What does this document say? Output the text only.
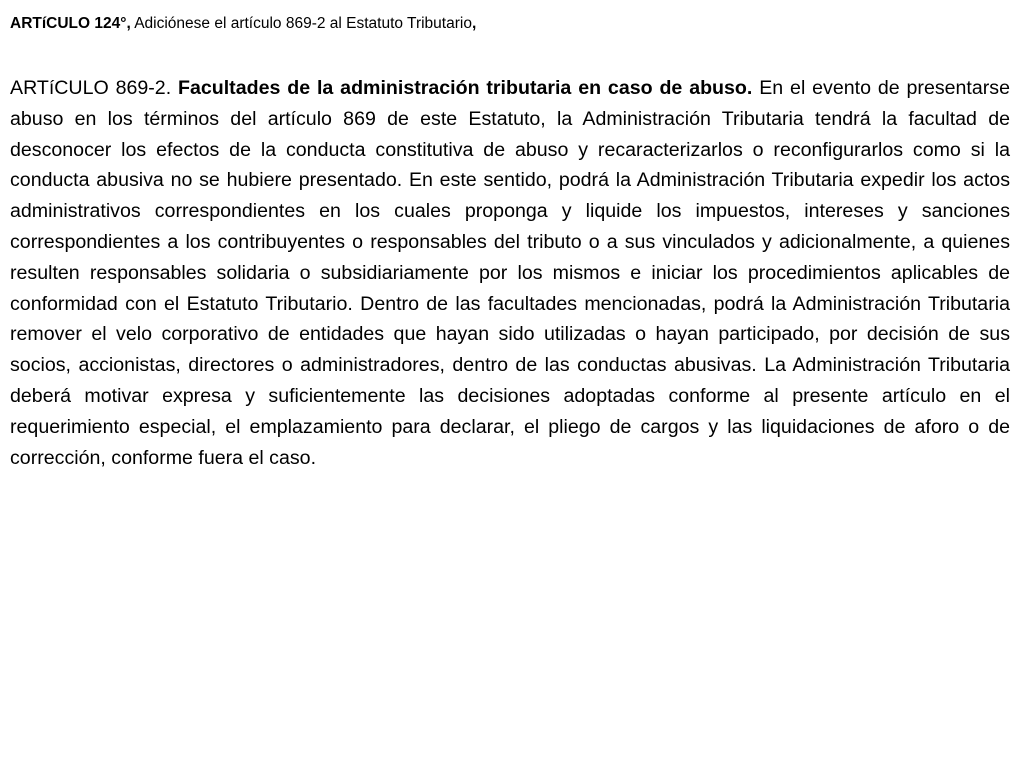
ARTíCULO 124°, Adiciónese el artículo 869-2 al Estatuto Tributario,
ARTíCULO 869-2. Facultades de la administración tributaria en caso de abuso. En el evento de presentarse abuso en los términos del artículo 869 de este Estatuto, la Administración Tributaria tendrá la facultad de desconocer los efectos de la conducta constitutiva de abuso y recaracterizarlos o reconfigurarlos como si la conducta abusiva no se hubiere presentado. En este sentido, podrá la Administración Tributaria expedir los actos administrativos correspondientes en los cuales proponga y liquide los impuestos, intereses y sanciones correspondientes a los contribuyentes o responsables del tributo o a sus vinculados y adicionalmente, a quienes resulten responsables solidaria o subsidiariamente por los mismos e iniciar los procedimientos aplicables de conformidad con el Estatuto Tributario. Dentro de las facultades mencionadas, podrá la Administración Tributaria remover el velo corporativo de entidades que hayan sido utilizadas o hayan participado, por decisión de sus socios, accionistas, directores o administradores, dentro de las conductas abusivas. La Administración Tributaria deberá motivar expresa y suficientemente las decisiones adoptadas conforme al presente artículo en el requerimiento especial, el emplazamiento para declarar, el pliego de cargos y las liquidaciones de aforo o de corrección, conforme fuera el caso.
